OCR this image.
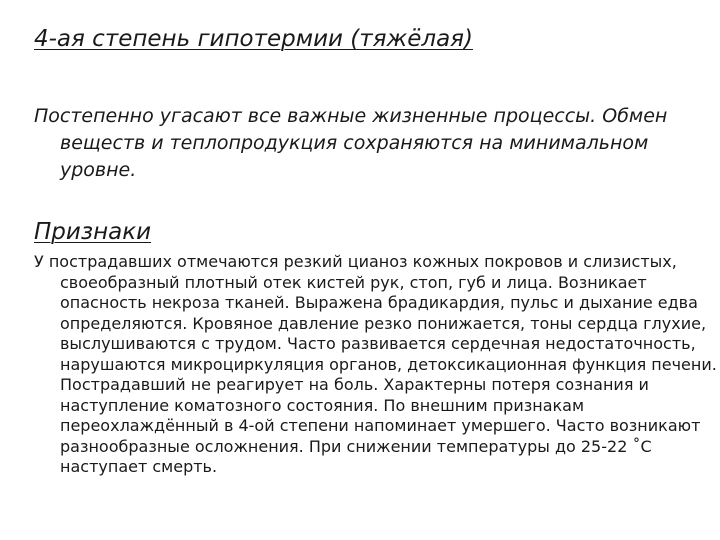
4-ая степень гипотермии (тяжёлая)

Постепенно угасают все важные жизненные процессы. Обмен веществ и теплопродукция сохраняются на минимальном уровне.

Признаки

У пострадавших отмечаются резкий цианоз кожных покровов и слизистых, своеобразный плотный отек кистей рук, стоп, губ и лица. Возникает опасность некроза тканей. Выражена брадикардия, пульс и дыхание едва определяются. Кровяное давление резко понижается, тоны сердца глухие, выслушиваются с трудом. Часто развивается сердечная недостаточность, нарушаются микроциркуляция органов, детоксикационная функция печени. Пострадавший не реагирует на боль. Характерны потеря сознания и наступление коматозного состояния. По внешним признакам переохлаждённый в 4-ой степени напоминает умершего. Часто возникают разнообразные осложнения. При снижении температуры до 25-22 ˚С наступает смерть.
